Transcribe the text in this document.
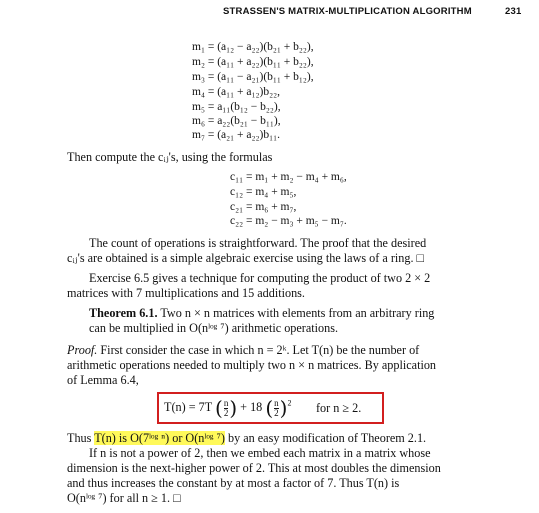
STRASSEN'S MATRIX-MULTIPLICATION ALGORITHM	231
m₁ = (a₁₂ − a₂₂)(b₂₁ + b₂₂),
m₂ = (a₁₁ + a₂₂)(b₁₁ + b₂₂),
m₃ = (a₁₁ − a₂₁)(b₁₁ + b₁₂),
m₄ = (a₁₁ + a₁₂)b₂₂,
m₅ = a₁₁(b₁₂ − b₂₂),
m₆ = a₂₂(b₂₁ − b₁₁),
m₇ = (a₂₁ + a₂₂)b₁₁.
Then compute the cᵢⱼ's, using the formulas
c₁₁ = m₁ + m₂ − m₄ + m₆,
c₁₂ = m₄ + m₅,
c₂₁ = m₆ + m₇,
c₂₂ = m₂ − m₃ + m₅ − m₇.
The count of operations is straightforward. The proof that the desired
cᵢⱼ's are obtained is a simple algebraic exercise using the laws of a ring. □
Exercise 6.5 gives a technique for computing the product of two 2 × 2
matrices with 7 multiplications and 15 additions.
Theorem 6.1. Two n × n matrices with elements from an arbitrary ring
can be multiplied in O(nˡᵒᵍ ⁷) arithmetic operations.
Proof. First consider the case in which n = 2ᵏ. Let T(n) be the number of
arithmetic operations needed to multiply two n × n matrices. By application
of Lemma 6.4,
T(n) = 7T ( $\frac{n}{2}$ ) + 18 ( $\frac{n}{2} )^2$ for n ≥ 2.
Thus T(n) is O(7ˡᵒᵍ ⁿ) or O(nˡᵒᵍ ⁷) by an easy modification of Theorem 2.1.
If n is not a power of 2, then we embed each matrix in a matrix whose
dimension is the next-higher power of 2. This at most doubles the dimension
and thus increases the constant by at most a factor of 7. Thus T(n) is
O(nˡᵒᵍ ⁷) for all n ≥ 1. □
